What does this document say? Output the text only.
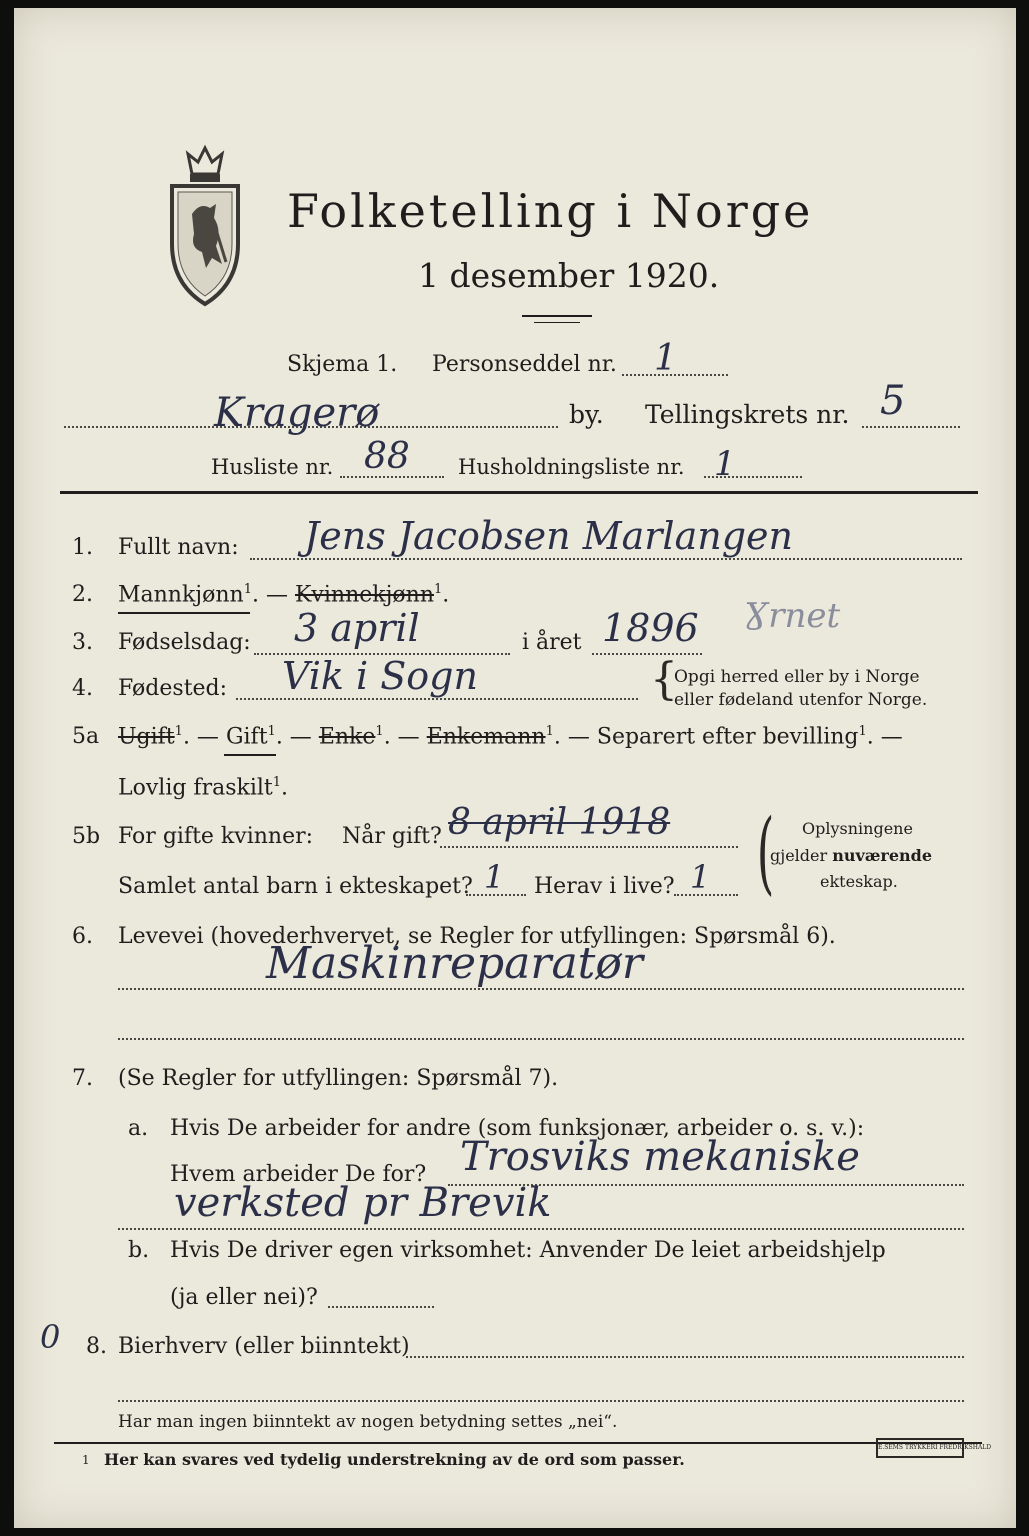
Folketelling i Norge
1 desember 1920.
Skjema 1. Personseddel nr. 1
Kragerø	by. Tellingskrets nr. 5
Husliste nr. 88 Husholdningsliste nr. 1
1. Fullt navn: Jens Jacobsen Marlangen
2. Mannkjønn$^1$. — Kvinnekjønn$^1$.
3. Fødselsdag: 3 april	i året 1896 Ɣrnet
4. Fødested: Vik i Sogn	{
Opgi herred eller by i Norge
eller fødeland utenfor Norge.
5a Ugift$^1$. — Gift$^1$. — Enke$^1$. — Enkemann$^1$. — Separert efter bevilling$^1$. —
Lovlig fraskilt$^1$.
5b For gifte kvinner: Når gift? 8 april 1918
Samlet antal barn i ekteskapet? 1 Herav i live? 1 ( Oplysningene
gjelder nuværende
ekteskap.
6. Levevei (hovederhvervet, se Regler for utfyllingen: Spørsmål 6).
Maskinreparatør
7. (Se Regler for utfyllingen: Spørsmål 7).
a. Hvis De arbeider for andre (som funksjonær, arbeider o. s. v.):
Hvem arbeider De for? Trosviks mekaniske
verksted pr Brevik
b. Hvis De driver egen virksomhet: Anvender De leiet arbeidshjelp
(ja eller nei)?
0 8. Bierhverv (eller biinntekt)
Har man ingen biinntekt av nogen betydning settes „nei“.
1 Her kan svares ved tydelig understrekning av de ord som passer.
E.SEMS TRYKKERI FREDRIKSHALD
